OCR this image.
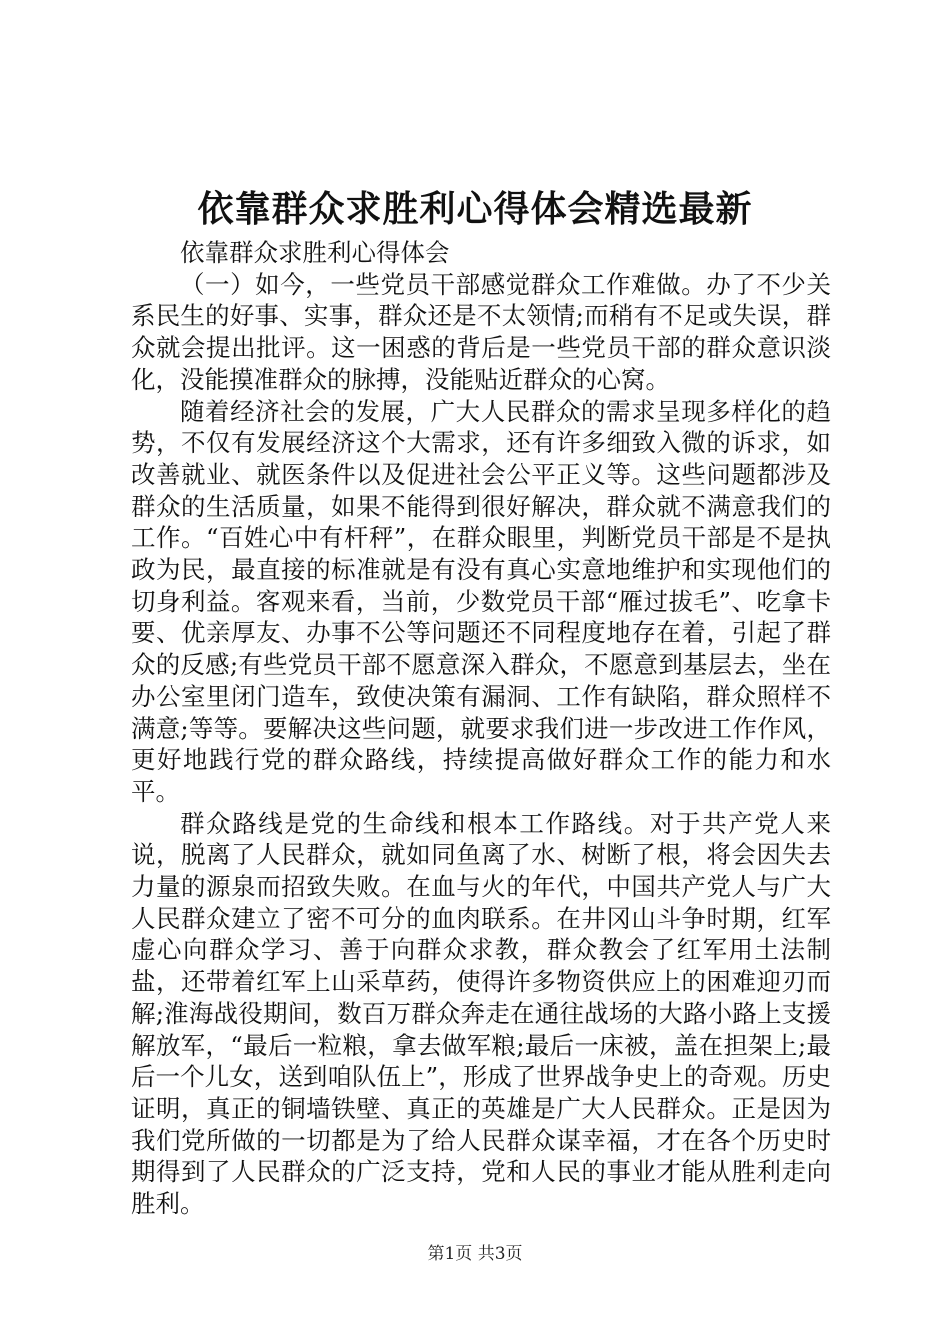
依靠群众求胜利心得体会精选最新

依靠群众求胜利心得体会

（一）如今，一些党员干部感觉群众工作难做。办了不少关系民生的好事、实事，群众还是不太领情;而稍有不足或失误，群众就会提出批评。这一困惑的背后是一些党员干部的群众意识淡化，没能摸准群众的脉搏，没能贴近群众的心窝。

随着经济社会的发展，广大人民群众的需求呈现多样化的趋势，不仅有发展经济这个大需求，还有许多细致入微的诉求，如改善就业、就医条件以及促进社会公平正义等。这些问题都涉及群众的生活质量，如果不能得到很好解决，群众就不满意我们的工作。“百姓心中有杆秤”，在群众眼里，判断党员干部是不是执政为民，最直接的标准就是有没有真心实意地维护和实现他们的切身利益。客观来看，当前，少数党员干部“雁过拔毛”、吃拿卡要、优亲厚友、办事不公等问题还不同程度地存在着，引起了群众的反感;有些党员干部不愿意深入群众，不愿意到基层去，坐在办公室里闭门造车，致使决策有漏洞、工作有缺陷，群众照样不满意;等等。要解决这些问题，就要求我们进一步改进工作作风，更好地践行党的群众路线，持续提高做好群众工作的能力和水平。

群众路线是党的生命线和根本工作路线。对于共产党人来说，脱离了人民群众，就如同鱼离了水、树断了根，将会因失去力量的源泉而招致失败。在血与火的年代，中国共产党人与广大人民群众建立了密不可分的血肉联系。在井冈山斗争时期，红军虚心向群众学习、善于向群众求教，群众教会了红军用土法制盐，还带着红军上山采草药，使得许多物资供应上的困难迎刃而解;淮海战役期间，数百万群众奔走在通往战场的大路小路上支援解放军，“最后一粒粮，拿去做军粮;最后一床被，盖在担架上;最后一个儿女，送到咱队伍上”，形成了世界战争史上的奇观。历史证明，真正的铜墙铁壁、真正的英雄是广大人民群众。正是因为我们党所做的一切都是为了给人民群众谋幸福，才在各个历史时期得到了人民群众的广泛支持，党和人民的事业才能从胜利走向胜利。

第1页 共3页
